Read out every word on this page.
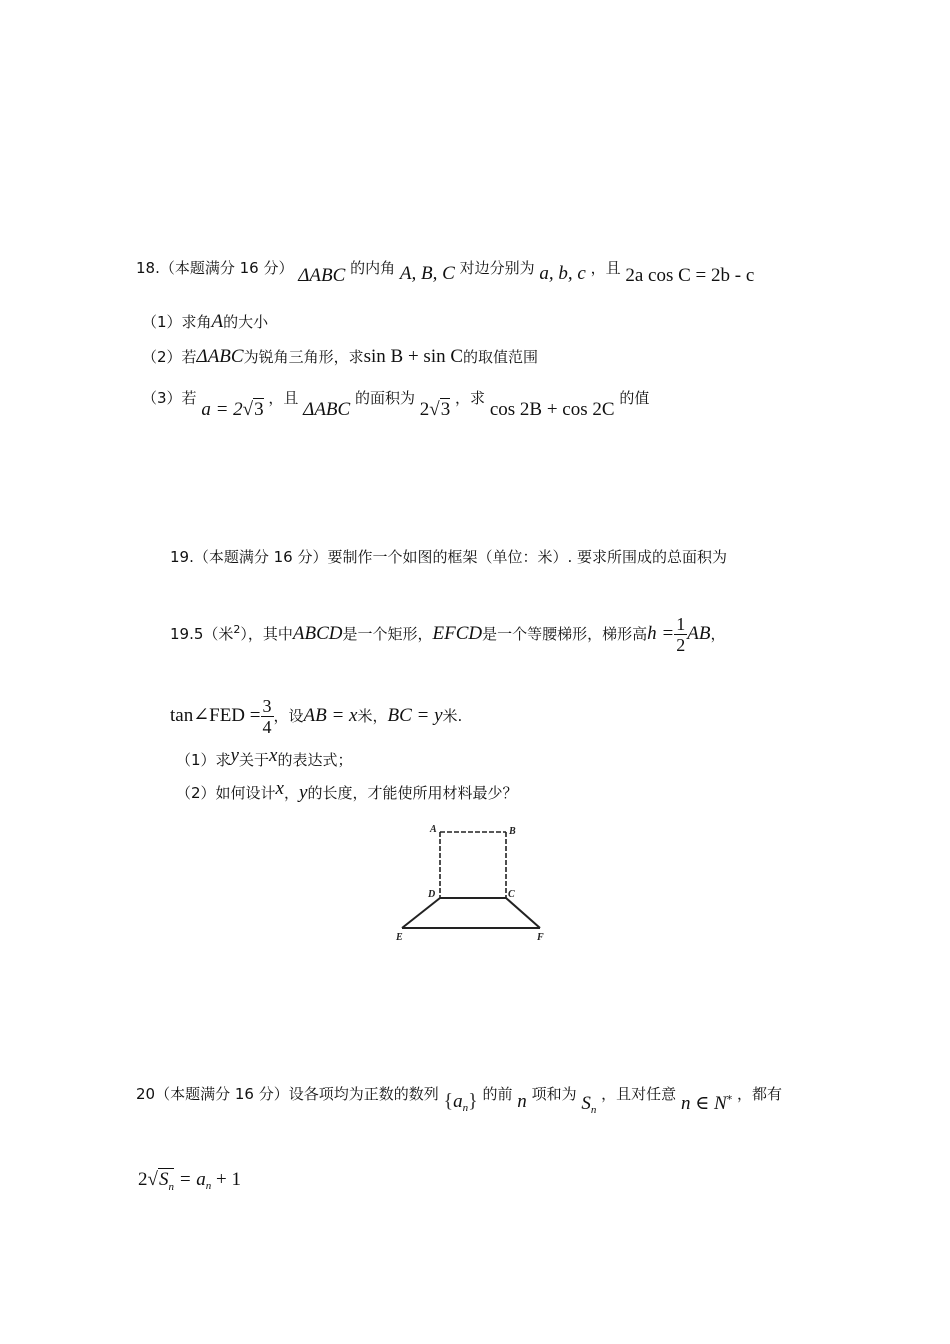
18.（本题满分 16 分） ΔABC 的内角 A, B, C 对边分别为 a, b, c ，且 2a cos C = 2b - c
（1）求角A的大小
（2）若ΔABC为锐角三角形，求sin B + sin C的取值范围
（3）若 a = 2√3 ，且 ΔABC 的面积为 2√3 ，求 cos 2B + cos 2C 的值
19.（本题满分 16 分）要制作一个如图的框架（单位：米）. 要求所围成的总面积为
19.5（米$^2$），其中ABCD是一个矩形，EFCD是一个等腰梯形，梯形高$h = \frac{1}{2}$ AB，
tan∠FED = $\frac{3}{4}$ ，设AB = x米，BC = y米.
（1）求y关于x的表达式；
（2）如何设计x，y的长度，才能使所用材料最少？
A	B
D	C
E	F
20（本题满分 16 分）设各项均为正数的数列 $\{a_n\}$ 的前 n 项和为 $S_n$ ，且对任意 n ∈ N* ，都有
$2√S_n = a_n + 1$
